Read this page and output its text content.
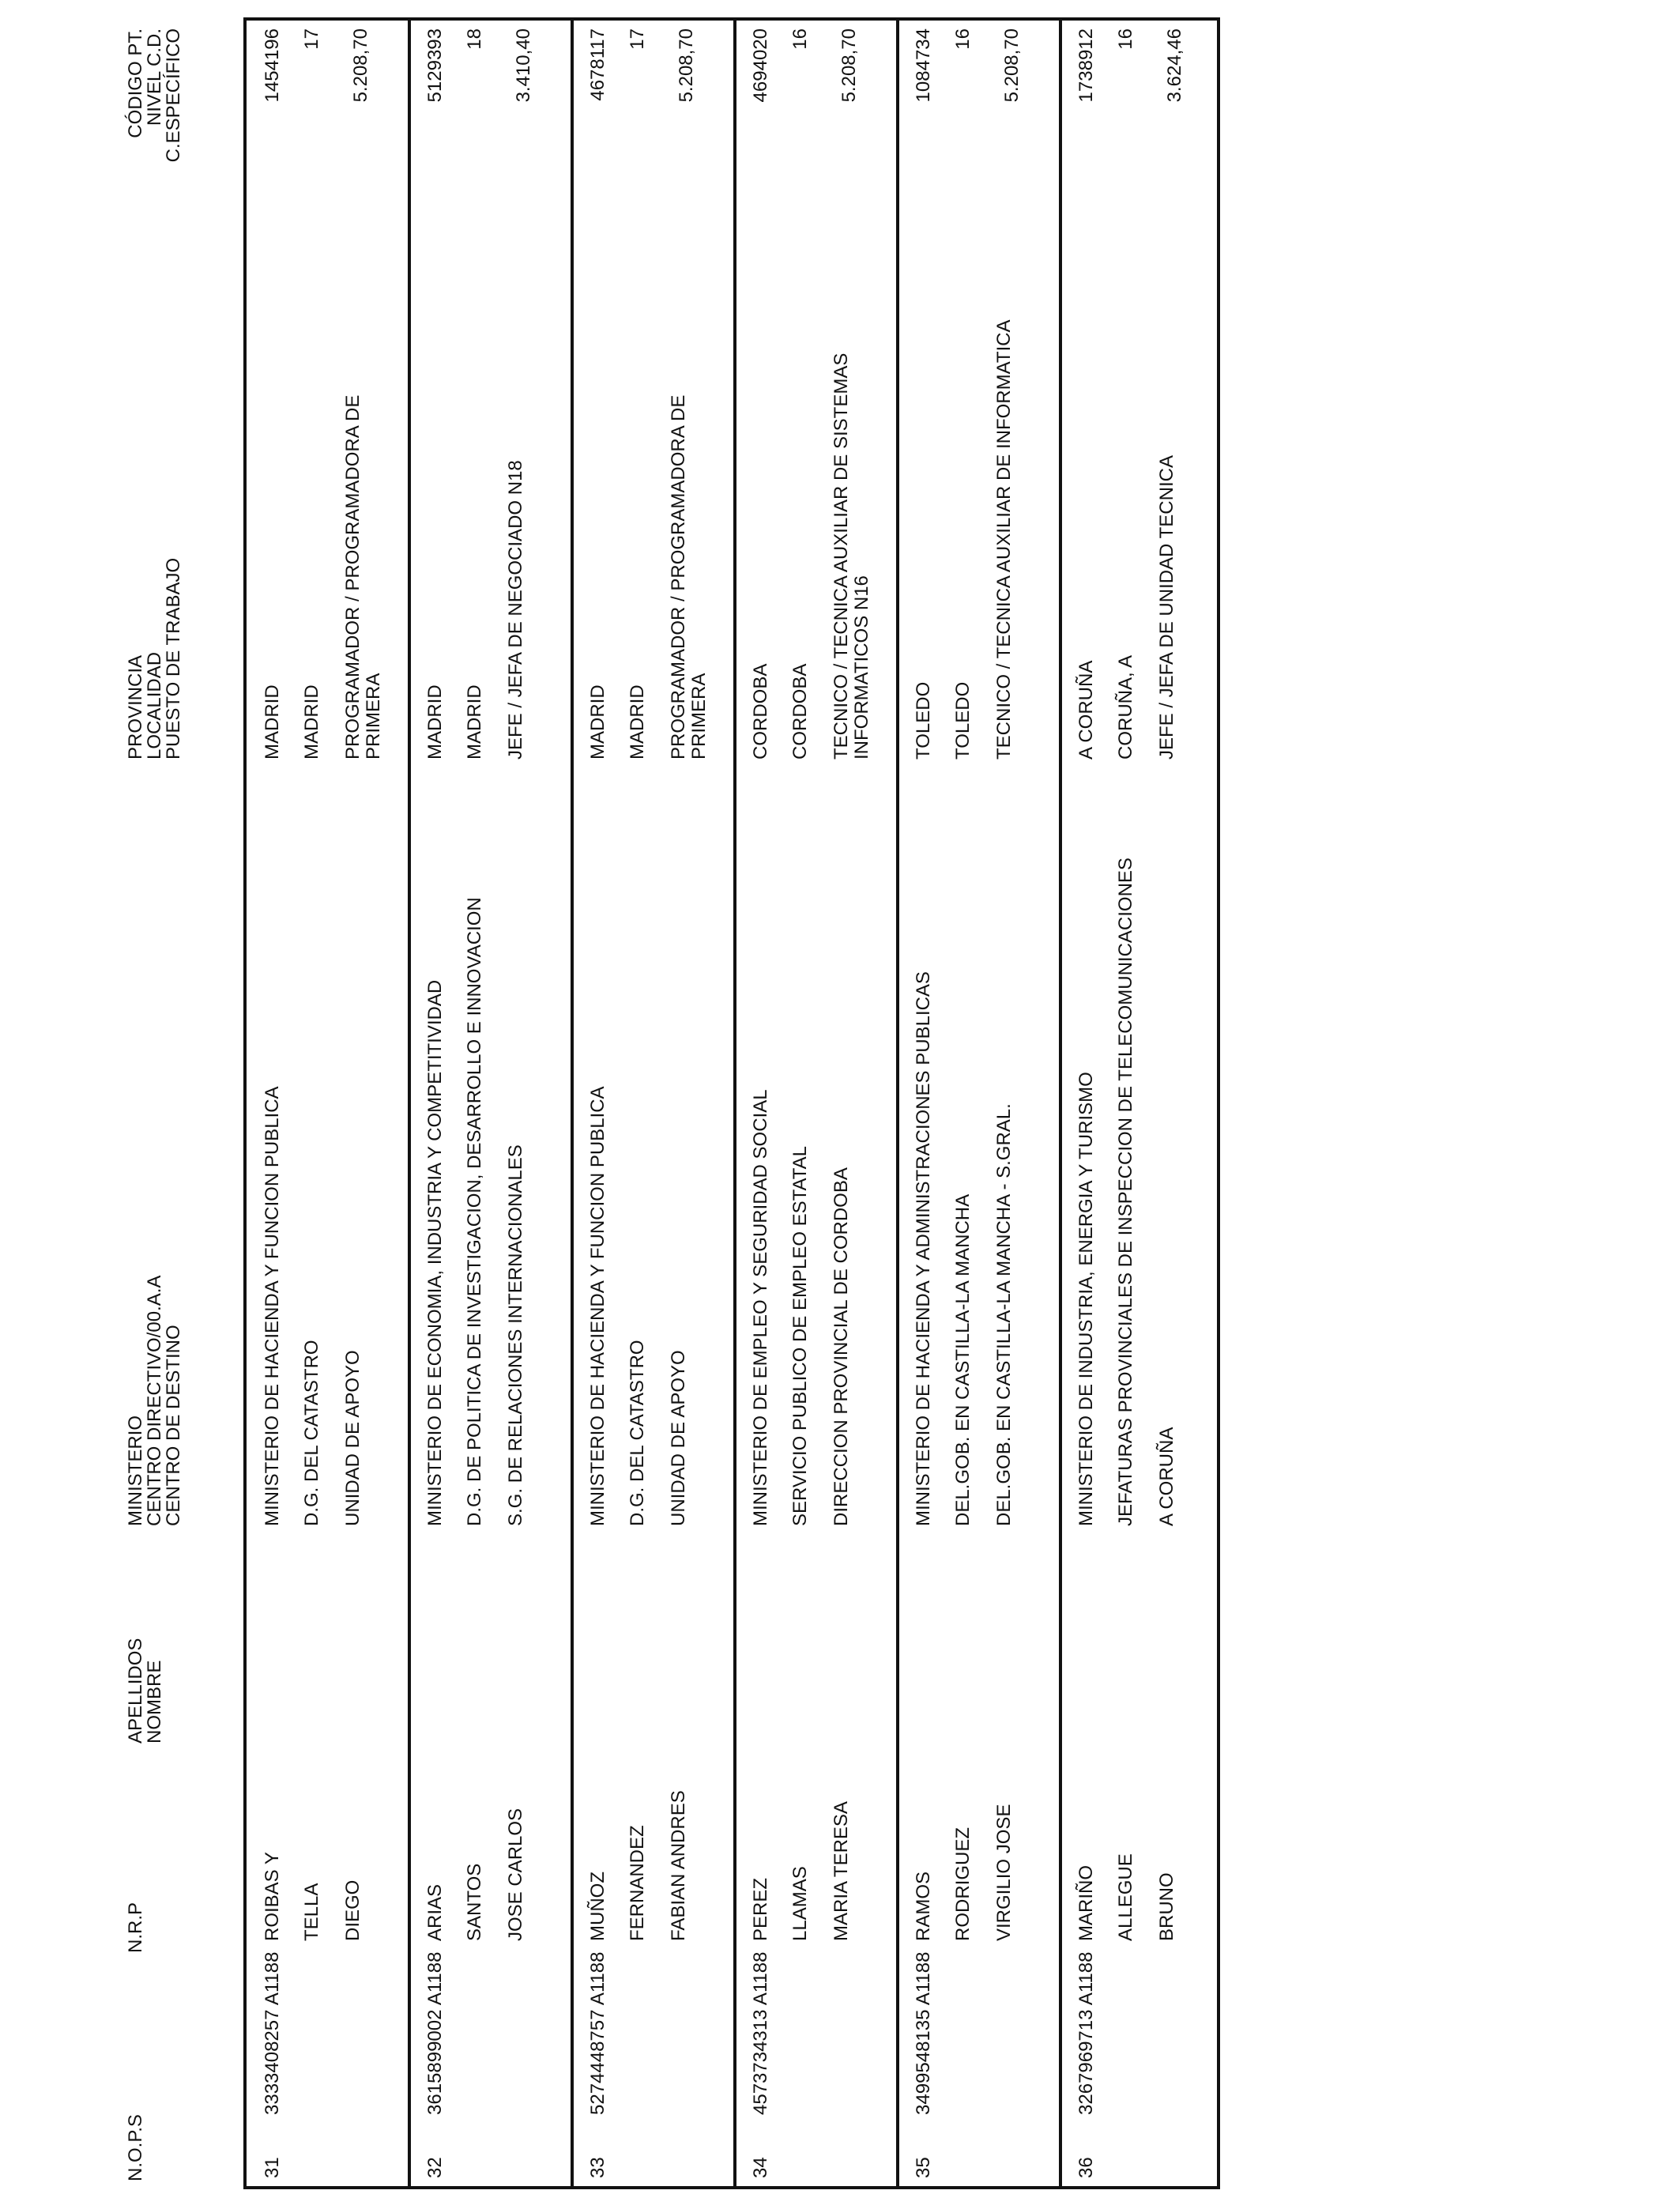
N.O.P.S
N.R.P
APELLIDOS
NOMBRE
MINISTERIO
CENTRO DIRECTIVO/00.A.A
CENTRO DE DESTINO
PROVINCIA
LOCALIDAD
PUESTO DE TRABAJO
CÓDIGO PT.
NIVEL C.D.
C.ESPECÍFICO
31
3333408257 A1188
ROIBAS Y TELLA DIEGO
MINISTERIO DE HACIENDA Y FUNCION PUBLICA D.G. DEL CATASTRO UNIDAD DE APOYO
MADRID MADRID PROGRAMADOR / PROGRAMADORA DE PRIMERA
1454196 17 5.208,70
32
3615899002 A1188
ARIAS SANTOS JOSE CARLOS
MINISTERIO DE ECONOMIA, INDUSTRIA Y COMPETITIVIDAD D.G. DE POLITICA DE INVESTIGACION, DESARROLLO E INNOVACION S.G. DE RELACIONES INTERNACIONALES
MADRID MADRID JEFE / JEFA DE NEGOCIADO N18
5129393 18 3.410,40
33
5274448757 A1188
MUÑOZ FERNANDEZ FABIAN ANDRES
MINISTERIO DE HACIENDA Y FUNCION PUBLICA D.G. DEL CATASTRO UNIDAD DE APOYO
MADRID MADRID PROGRAMADOR / PROGRAMADORA DE PRIMERA
4678117 17 5.208,70
34
4573734313 A1188
PEREZ LLAMAS MARIA TERESA
MINISTERIO DE EMPLEO Y SEGURIDAD SOCIAL SERVICIO PUBLICO DE EMPLEO ESTATAL DIRECCION PROVINCIAL DE CORDOBA
CORDOBA CORDOBA TECNICO / TECNICA AUXILIAR DE SISTEMAS INFORMATICOS N16
4694020 16 5.208,70
35
3499548135 A1188
RAMOS RODRIGUEZ VIRGILIO JOSE
MINISTERIO DE HACIENDA Y ADMINISTRACIONES PUBLICAS DEL.GOB. EN CASTILLA-LA MANCHA DEL.GOB. EN CASTILLA-LA MANCHA - S.GRAL.
TOLEDO TOLEDO TECNICO / TECNICA AUXILIAR DE INFORMATICA
1084734 16 5.208,70
36
3267969713 A1188
MARIÑO ALLEGUE BRUNO
MINISTERIO DE INDUSTRIA, ENERGIA Y TURISMO JEFATURAS PROVINCIALES DE INSPECCION DE TELECOMUNICACIONES A CORUÑA
A CORUÑA CORUÑA, A JEFE / JEFA DE UNIDAD TECNICA
1738912 16 3.624,46
